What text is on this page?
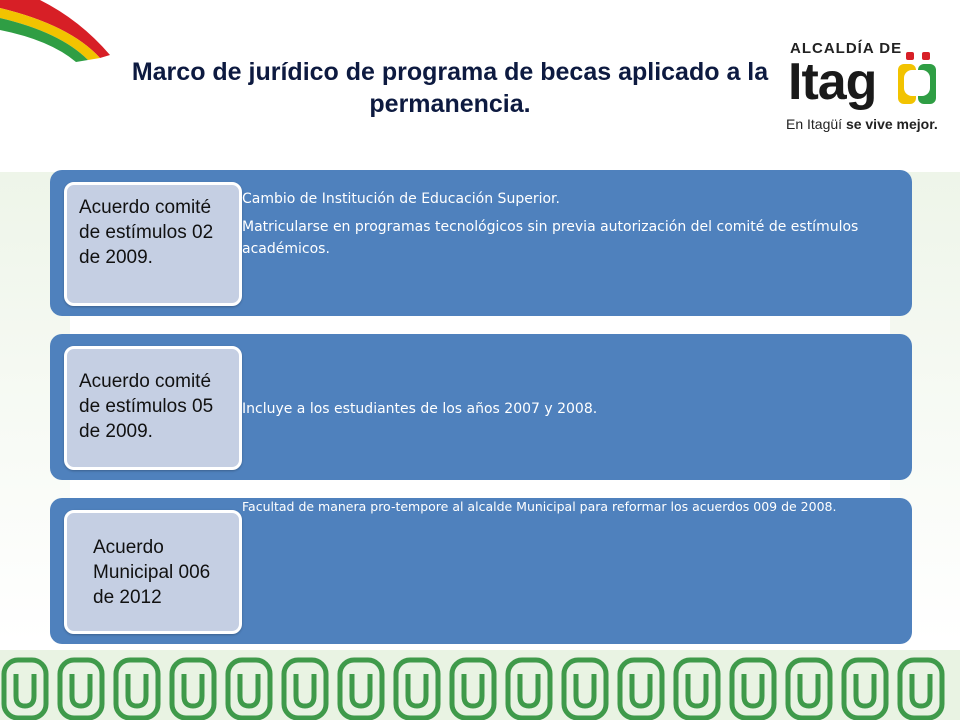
Marco de jurídico de programa de becas aplicado a la permanencia.
ALCALDÍA DE
Itag
En Itagüí se vive mejor.
Acuerdo comité de estímulos 02 de 2009.

Cambio de Institución de Educación Superior.

Matricularse en programas tecnológicos sin previa autorización del comité de estímulos académicos.

Acuerdo comité de estímulos 05 de 2009.

Incluye a los estudiantes de los años 2007 y 2008.

Acuerdo Municipal 006 de 2012

Facultad de manera pro-tempore al alcalde Municipal para reformar los acuerdos 009 de 2008.
